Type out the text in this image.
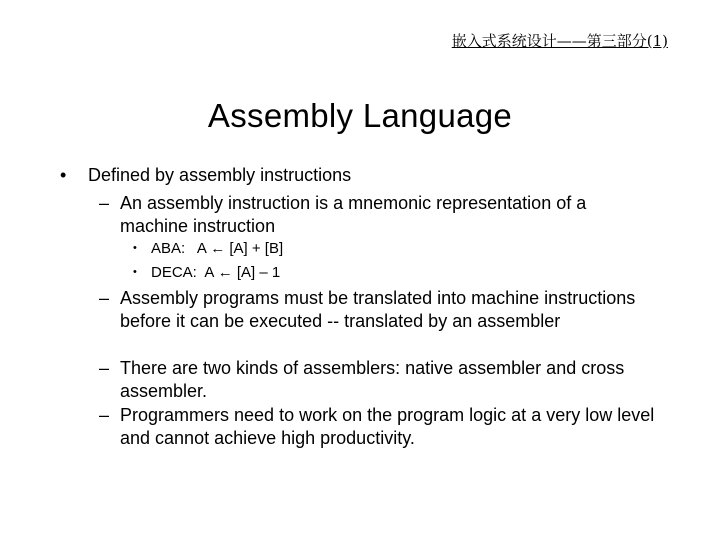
嵌入式系统设计——第三部分(1)
Assembly Language
• Defined by assembly instructions
– An assembly instruction is a mnemonic representation of a machine instruction
• ABA:   A ← [A] + [B]
• DECA:  A ← [A] – 1
– Assembly programs must be translated into machine instructions before it can be executed -- translated by an assembler
– There are two kinds of assemblers: native assembler and cross assembler.
– Programmers need to work on the program logic at a very low level and cannot achieve high productivity.
